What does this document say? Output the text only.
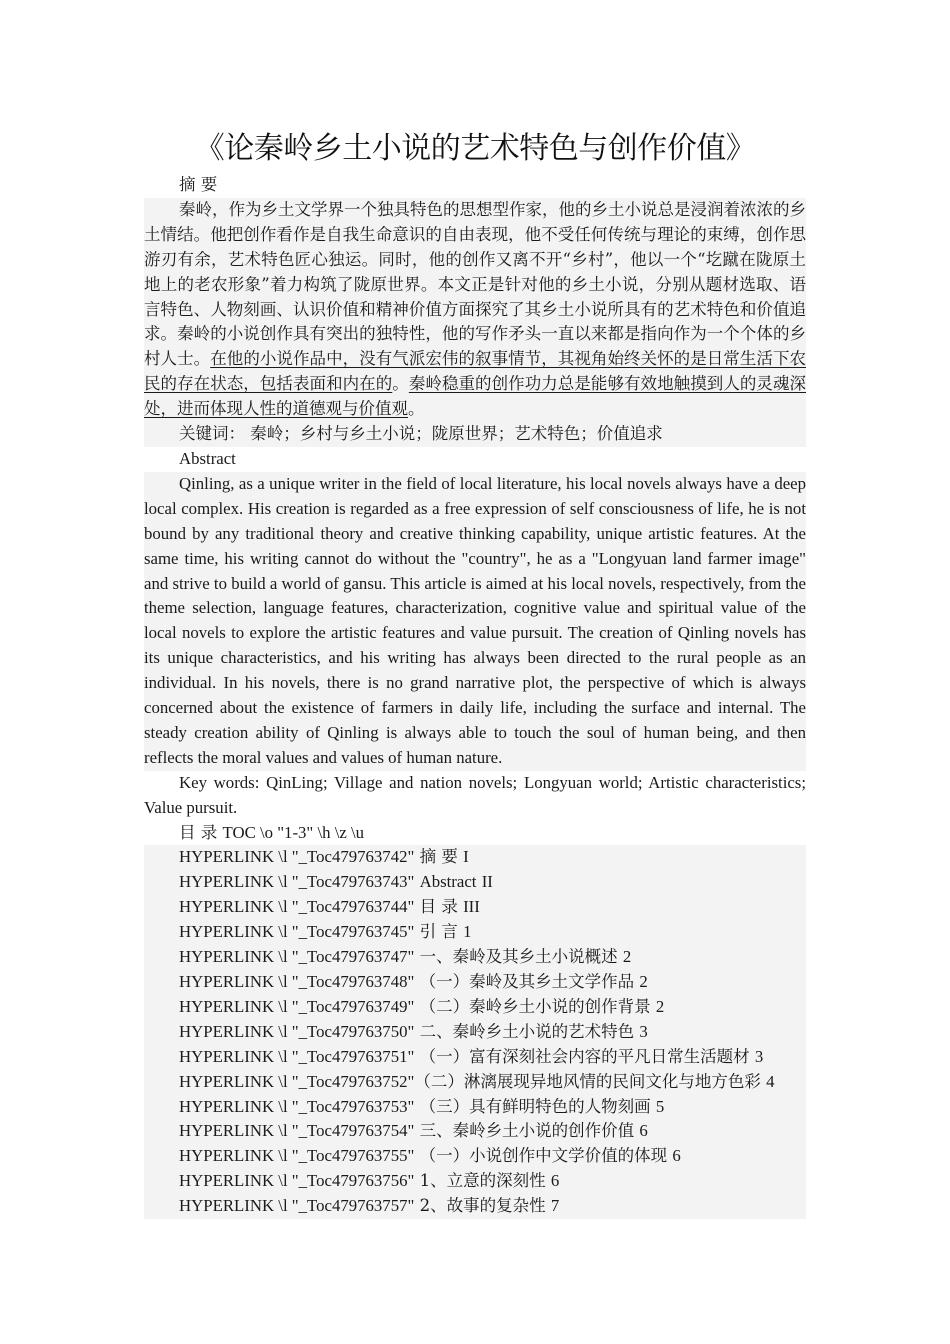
《论秦岭乡土小说的艺术特色与创作价值》

摘 要

秦岭，作为乡土文学界一个独具特色的思想型作家，他的乡土小说总是浸润着浓浓的乡土情结。他把创作看作是自我生命意识的自由表现，他不受任何传统与理论的束缚，创作思游刃有余，艺术特色匠心独运。同时，他的创作又离不开“乡村”，他以一个“圪蹴在陇原土地上的老农形象”着力构筑了陇原世界。本文正是针对他的乡土小说，分别从题材选取、语言特色、人物刻画、认识价值和精神价值方面探究了其乡土小说所具有的艺术特色和价值追求。秦岭的小说创作具有突出的独特性，他的写作矛头一直以来都是指向作为一个个体的乡村人士。在他的小说作品中，没有气派宏伟的叙事情节，其视角始终关怀的是日常生活下农民的存在状态，包括表面和内在的。秦岭稳重的创作功力总是能够有效地触摸到人的灵魂深处，进而体现人性的道德观与价值观。

关键词： 秦岭；乡村与乡土小说；陇原世界；艺术特色；价值追求

Abstract

Qinling, as a unique writer in the field of local literature, his local novels always have a deep local complex. His creation is regarded as a free expression of self consciousness of life, he is not bound by any traditional theory and creative thinking capability, unique artistic features. At the same time, his writing cannot do without the "country", he as a "Longyuan land farmer image" and strive to build a world of gansu. This article is aimed at his local novels, respectively, from the theme selection, language features, characterization, cognitive value and spiritual value of the local novels to explore the artistic features and value pursuit. The creation of Qinling novels has its unique characteristics, and his writing has always been directed to the rural people as an individual. In his novels, there is no grand narrative plot, the perspective of which is always concerned about the existence of farmers in daily life, including the surface and internal. The steady creation ability of Qinling is always able to touch the soul of human being, and then reflects the moral values and values of human nature.

Key words: QinLing; Village and nation novels; Longyuan world; Artistic characteristics; Value pursuit.

目 录 TOC \o "1-3" \h \z \u

HYPERLINK \l "_Toc479763742" 摘 要 I

HYPERLINK \l "_Toc479763743" Abstract II

HYPERLINK \l "_Toc479763744" 目 录 III

HYPERLINK \l "_Toc479763745" 引 言 1

HYPERLINK \l "_Toc479763747" 一、秦岭及其乡土小说概述 2

HYPERLINK \l "_Toc479763748" （一）秦岭及其乡土文学作品 2

HYPERLINK \l "_Toc479763749" （二）秦岭乡土小说的创作背景 2

HYPERLINK \l "_Toc479763750" 二、秦岭乡土小说的艺术特色 3

HYPERLINK \l "_Toc479763751" （一）富有深刻社会内容的平凡日常生活题材 3

HYPERLINK \l "_Toc479763752"（二）淋漓展现异地风情的民间文化与地方色彩 4

HYPERLINK \l "_Toc479763753" （三）具有鲜明特色的人物刻画 5

HYPERLINK \l "_Toc479763754" 三、秦岭乡土小说的创作价值 6

HYPERLINK \l "_Toc479763755" （一）小说创作中文学价值的体现 6

HYPERLINK \l "_Toc479763756" 1、立意的深刻性 6

HYPERLINK \l "_Toc479763757" 2、故事的复杂性 7
